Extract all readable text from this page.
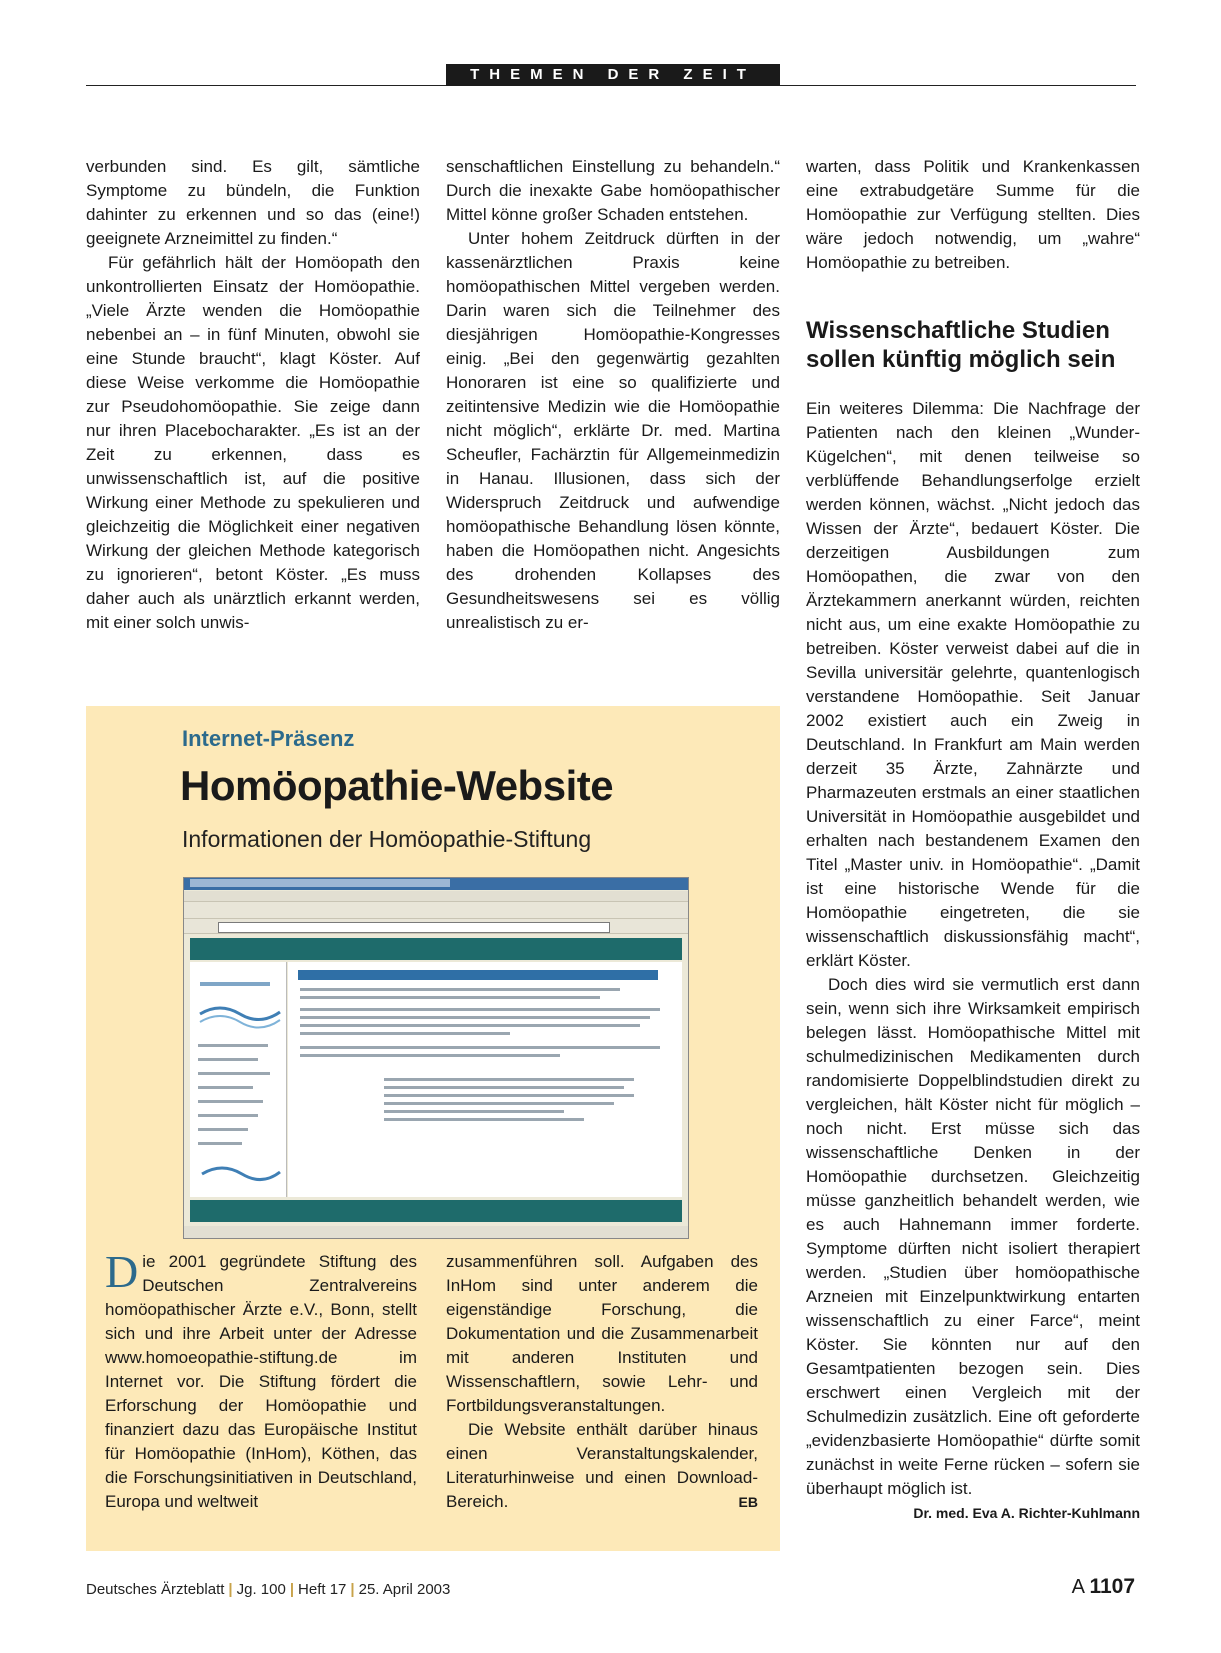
THEMEN DER ZEIT

verbunden sind. Es gilt, sämtliche Symptome zu bündeln, die Funktion dahinter zu erkennen und so das (eine!) geeignete Arzneimittel zu finden.“

Für gefährlich hält der Homöopath den unkontrollierten Einsatz der Homöopathie. „Viele Ärzte wenden die Homöopathie nebenbei an – in fünf Minuten, obwohl sie eine Stunde braucht“, klagt Köster. Auf diese Weise verkomme die Homöopathie zur Pseudohomöopathie. Sie zeige dann nur ihren Placebocharakter. „Es ist an der Zeit zu erkennen, dass es unwissenschaftlich ist, auf die positive Wirkung einer Methode zu spekulieren und gleichzeitig die Möglichkeit einer negativen Wirkung der gleichen Methode kategorisch zu ignorieren“, betont Köster. „Es muss daher auch als unärztlich erkannt werden, mit einer solch unwis-

senschaftlichen Einstellung zu behandeln.“ Durch die inexakte Gabe homöopathischer Mittel könne großer Schaden entstehen.

Unter hohem Zeitdruck dürften in der kassenärztlichen Praxis keine homöopathischen Mittel vergeben werden. Darin waren sich die Teilnehmer des diesjährigen Homöopathie-Kongresses einig. „Bei den gegenwärtig gezahlten Honoraren ist eine so qualifizierte und zeitintensive Medizin wie die Homöopathie nicht möglich“, erklärte Dr. med. Martina Scheufler, Fachärztin für Allgemeinmedizin in Hanau. Illusionen, dass sich der Widerspruch Zeitdruck und aufwendige homöopathische Behandlung lösen könnte, haben die Homöopathen nicht. Angesichts des drohenden Kollapses des Gesundheitswesens sei es völlig unrealistisch zu er-

warten, dass Politik und Krankenkassen eine extrabudgetäre Summe für die Homöopathie zur Verfügung stellten. Dies wäre jedoch notwendig, um „wahre“ Homöopathie zu betreiben.

Wissenschaftliche Studien sollen künftig möglich sein

Ein weiteres Dilemma: Die Nachfrage der Patienten nach den kleinen „Wunder-Kügelchen“, mit denen teilweise so verblüffende Behandlungserfolge erzielt werden können, wächst. „Nicht jedoch das Wissen der Ärzte“, bedauert Köster. Die derzeitigen Ausbildungen zum Homöopathen, die zwar von den Ärztekammern anerkannt würden, reichten nicht aus, um eine exakte Homöopathie zu betreiben. Köster verweist dabei auf die in Sevilla universitär gelehrte, quantenlogisch verstandene Homöopathie. Seit Januar 2002 existiert auch ein Zweig in Deutschland. In Frankfurt am Main werden derzeit 35 Ärzte, Zahnärzte und Pharmazeuten erstmals an einer staatlichen Universität in Homöopathie ausgebildet und erhalten nach bestandenem Examen den Titel „Master univ. in Homöopathie“. „Damit ist eine historische Wende für die Homöopathie eingetreten, die sie wissenschaftlich diskussionsfähig macht“, erklärt Köster.

Doch dies wird sie vermutlich erst dann sein, wenn sich ihre Wirksamkeit empirisch belegen lässt. Homöopathische Mittel mit schulmedizinischen Medikamenten durch randomisierte Doppelblindstudien direkt zu vergleichen, hält Köster nicht für möglich – noch nicht. Erst müsse sich das wissenschaftliche Denken in der Homöopathie durchsetzen. Gleichzeitig müsse ganzheitlich behandelt werden, wie es auch Hahnemann immer forderte. Symptome dürften nicht isoliert therapiert werden. „Studien über homöopathische Arzneien mit Einzelpunktwirkung entarten wissenschaftlich zu einer Farce“, meint Köster. Sie könnten nur auf den Gesamtpatienten bezogen sein. Dies erschwert einen Vergleich mit der Schulmedizin zusätzlich. Eine oft geforderte „evidenzbasierte Homöopathie“ dürfte somit zunächst in weite Ferne rücken – sofern sie überhaupt möglich ist.
Dr. med. Eva A. Richter-Kuhlmann

Internet-Präsenz
Homöopathie-Website
Informationen der Homöopathie-Stiftung

Die 2001 gegründete Stiftung des Deutschen Zentralvereins homöopathischer Ärzte e.V., Bonn, stellt sich und ihre Arbeit unter der Adresse www.homoeopathie-stiftung.de im Internet vor. Die Stiftung fördert die Erforschung der Homöopathie und finanziert dazu das Europäische Institut für Homöopathie (InHom), Köthen, das die Forschungsinitiativen in Deutschland, Europa und weltweit

zusammenführen soll. Aufgaben des InHom sind unter anderem die eigenständige Forschung, die Dokumentation und die Zusammenarbeit mit anderen Instituten und Wissenschaftlern, sowie Lehr- und Fortbildungsveranstaltungen.

Die Website enthält darüber hinaus einen Veranstaltungskalender, Literaturhinweise und einen Download-Bereich.	EB

Deutsches Ärzteblatt | Jg. 100 | Heft 17 | 25. April 2003	A 1107
